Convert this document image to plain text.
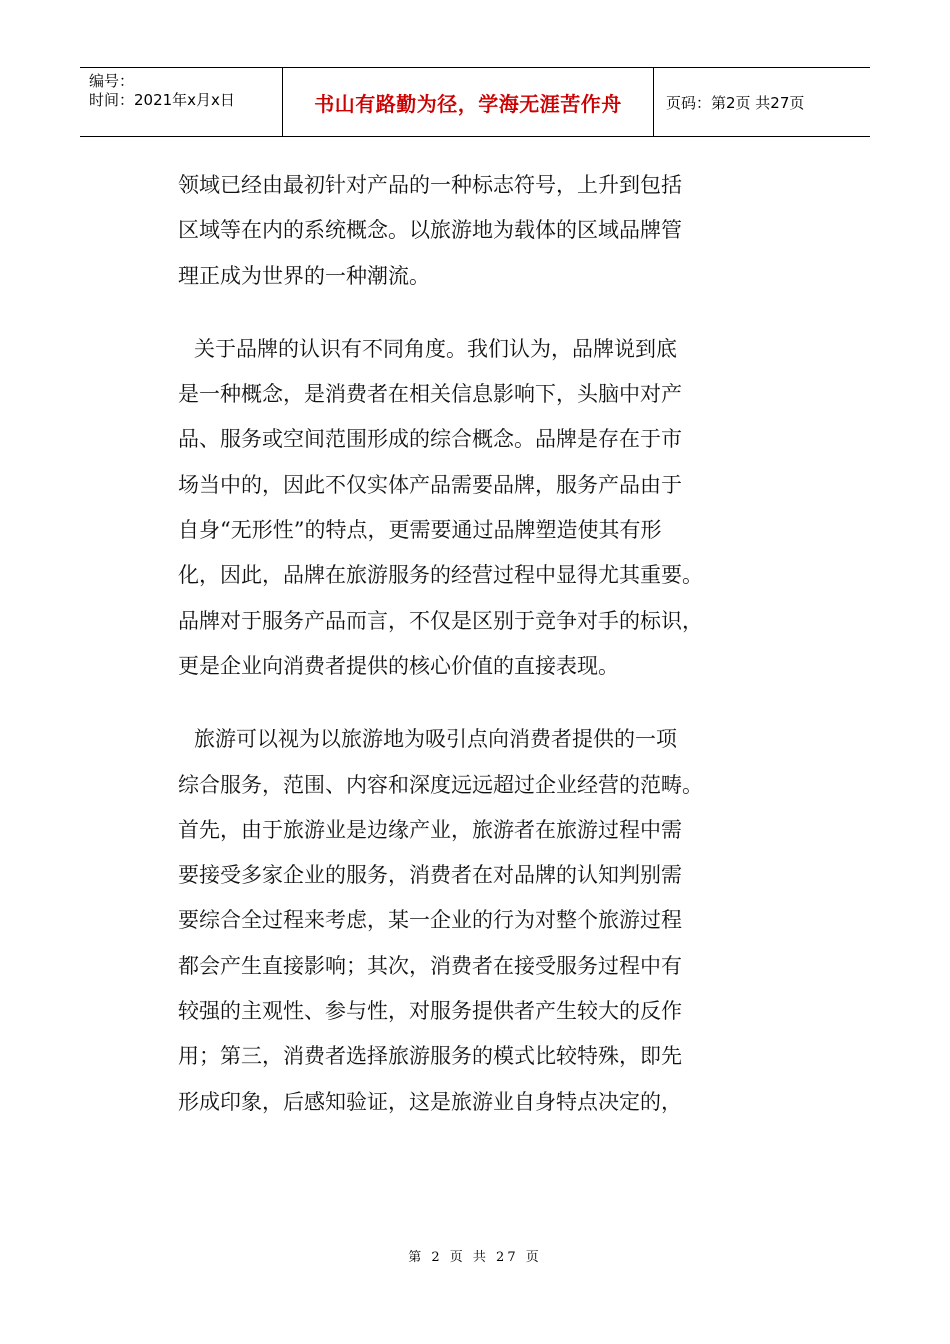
编号：
时间：2021年x月x日	书山有路勤为径，学海无涯苦作舟	页码：第2页 共27页
领域已经由最初针对产品的一种标志符号，上升到包括
区域等在内的系统概念。以旅游地为载体的区域品牌管
理正成为世界的一种潮流。
关于品牌的认识有不同角度。我们认为，品牌说到底
是一种概念，是消费者在相关信息影响下，头脑中对产
品、服务或空间范围形成的综合概念。品牌是存在于市
场当中的，因此不仅实体产品需要品牌，服务产品由于
自身“无形性”的特点，更需要通过品牌塑造使其有形
化，因此，品牌在旅游服务的经营过程中显得尤其重要。
品牌对于服务产品而言，不仅是区别于竞争对手的标识，
更是企业向消费者提供的核心价值的直接表现。
旅游可以视为以旅游地为吸引点向消费者提供的一项
综合服务，范围、内容和深度远远超过企业经营的范畴。
首先，由于旅游业是边缘产业，旅游者在旅游过程中需
要接受多家企业的服务，消费者在对品牌的认知判别需
要综合全过程来考虑，某一企业的行为对整个旅游过程
都会产生直接影响；其次，消费者在接受服务过程中有
较强的主观性、参与性，对服务提供者产生较大的反作
用；第三，消费者选择旅游服务的模式比较特殊，即先
形成印象，后感知验证，这是旅游业自身特点决定的，
第 2 页 共 27 页
